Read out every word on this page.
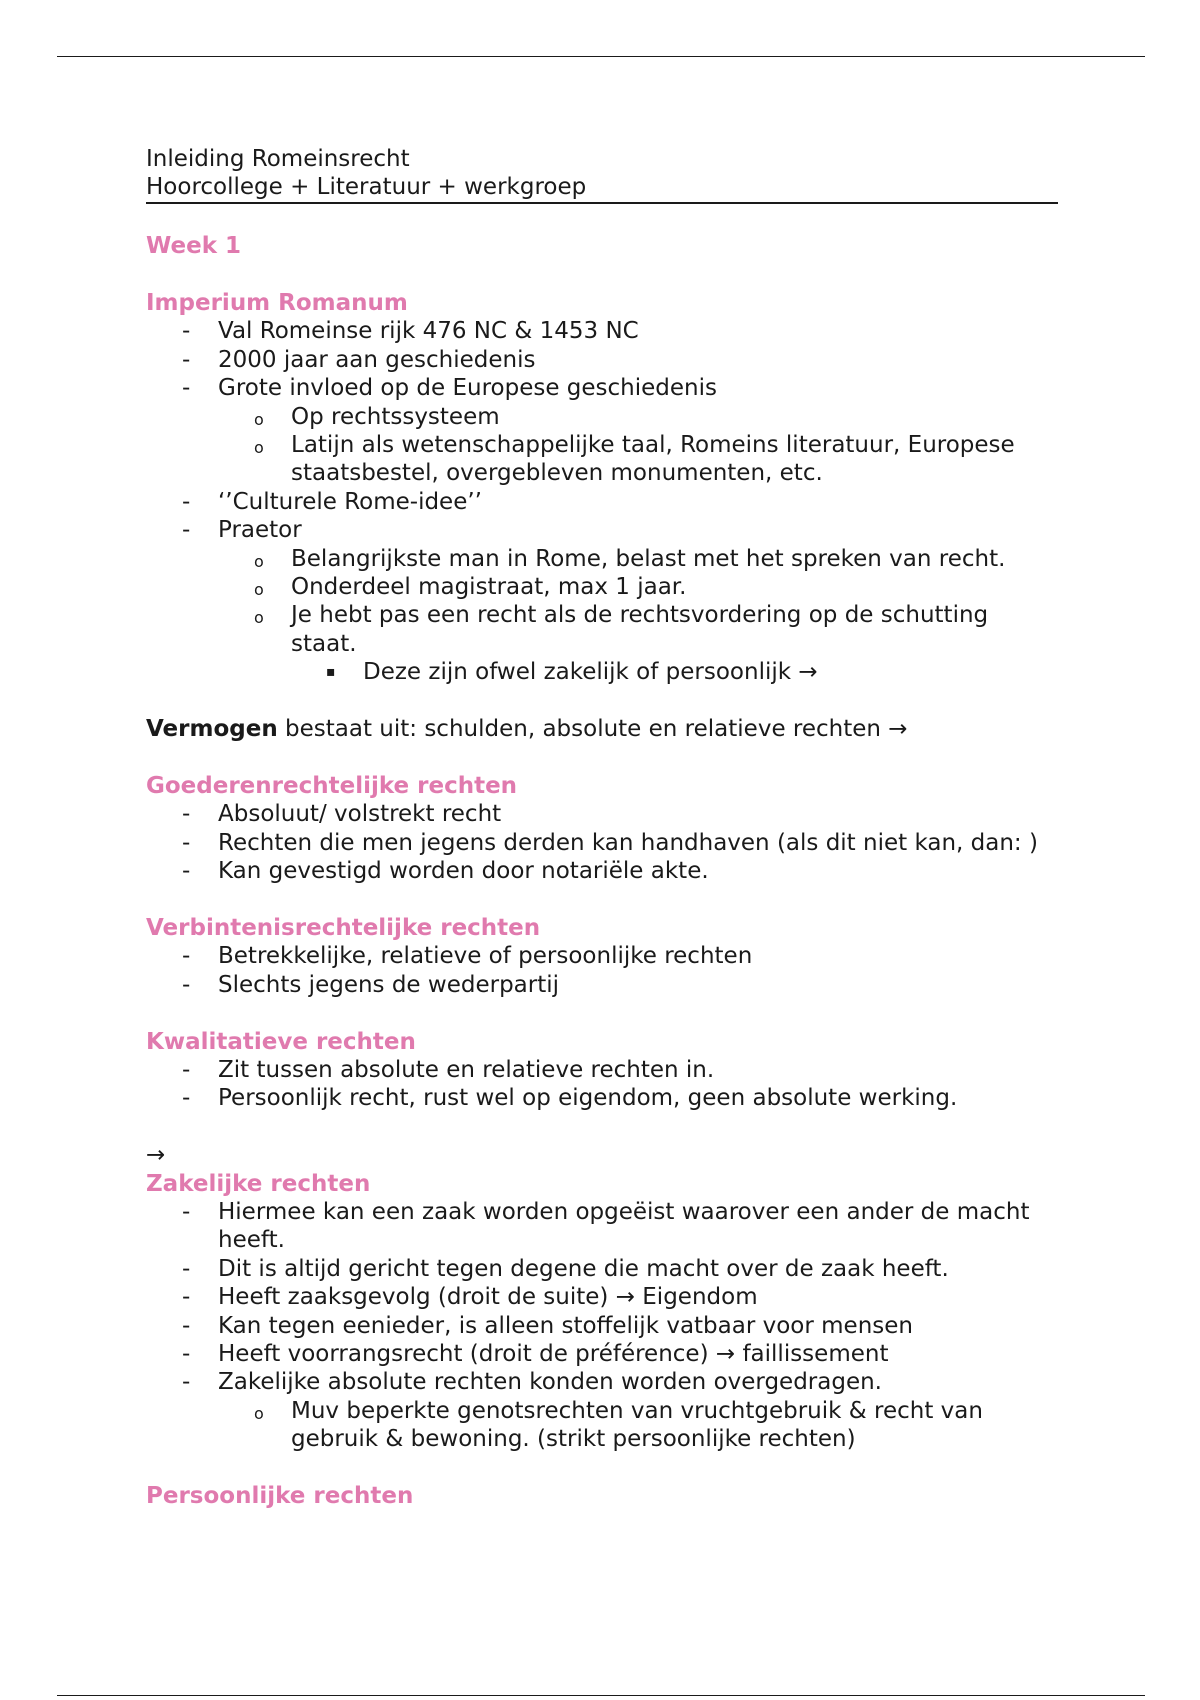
Inleiding Romeinsrecht
Hoorcollege + Literatuur + werkgroep
Week 1
Imperium Romanum
- Val Romeinse rijk 476 NC & 1453 NC
- 2000 jaar aan geschiedenis
- Grote invloed op de Europese geschiedenis
o Op rechtssysteem
o Latijn als wetenschappelijke taal, Romeins literatuur, Europese staatsbestel, overgebleven monumenten, etc.
- ‘’Culturele Rome-idee’’
- Praetor
o Belangrijkste man in Rome, belast met het spreken van recht.
o Onderdeel magistraat, max 1 jaar.
o Je hebt pas een recht als de rechtsvordering op de schutting staat.
▪ Deze zijn ofwel zakelijk of persoonlijk →
Vermogen bestaat uit: schulden, absolute en relatieve rechten →
Goederenrechtelijke rechten
- Absoluut/ volstrekt recht
- Rechten die men jegens derden kan handhaven (als dit niet kan, dan: )
- Kan gevestigd worden door notariële akte.
Verbintenisrechtelijke rechten
- Betrekkelijke, relatieve of persoonlijke rechten
- Slechts jegens de wederpartij
Kwalitatieve rechten
- Zit tussen absolute en relatieve rechten in.
- Persoonlijk recht, rust wel op eigendom, geen absolute werking.
→
Zakelijke rechten
- Hiermee kan een zaak worden opgeëist waarover een ander de macht heeft.
- Dit is altijd gericht tegen degene die macht over de zaak heeft.
- Heeft zaaksgevolg (droit de suite) → Eigendom
- Kan tegen eenieder, is alleen stoffelijk vatbaar voor mensen
- Heeft voorrangsrecht (droit de préférence) → faillissement
- Zakelijke absolute rechten konden worden overgedragen.
o Muv beperkte genotsrechten van vruchtgebruik & recht van gebruik & bewoning. (strikt persoonlijke rechten)
Persoonlijke rechten
